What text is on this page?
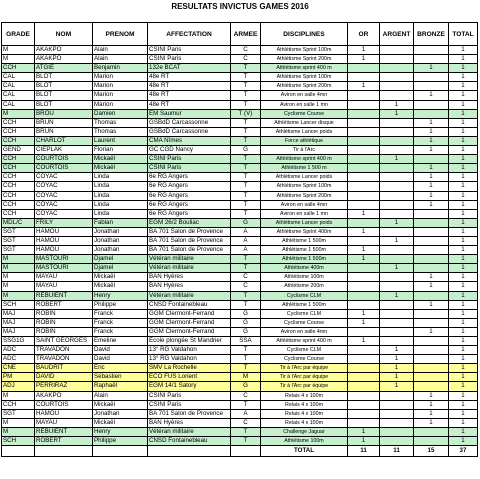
RESULTATS INVICTUS GAMES 2016
GRADE	NOM	PRENOM	AFFECTATION	ARMEE	DISCIPLINES	OR	ARGENT	BRONZE	TOTAL
M	AKAKPO	Alain	CSINI Paris	C	Athlétisme Sprint 100m	1			1
M	AKAKPO	Alain	CSINI Paris	C	Athlétisme Sprint 200m	1			1
CCH	ATGIE	Benjamin	132e BCAT	T	Athlétisme sprint 400 m			1	1
CAL	BLOT	Marion	48e RT	T	Athlétisme Sprint 100m				1
CAL	BLOT	Marion	48e RT	T	Athlétisme Sprint 200m	1			1
CAL	BLOT	Marion	48e RT	T	Aviron en salle 4mn			1	1
CAL	BLOT	Marion	48e RT	T	Aviron en salle 1 mn		1		1
M	BROU	Damien	EM Saumur	T (V)	Cyclisme Course		1		1
CCH	BRUN	Thomas	GSBdD Carcassonne	T	Athlétisme Lancer disque			1	1
CCH	BRUN	Thomas	GSBdD Carcassonne	T	Athlétisme Lancer poids			1	1
CCH	CHARLOT	Laurent	CMA Nîmes	T	Force athlétique			1	1
GEND	CIEPLAK	Florian	GC CGD Nancy	G	Tir à l'Arc			1	1
CCH	COURTOIS	Mickaël	CSINI Paris	T	Athlétisme sprint 400 m		1		1
CCH	COURTOIS	Mickaël	CSINI Paris	T	Athlétisme 1 500 m			1	1
CCH	COYAC	Linda	6e RG Angers	T	Athlétisme Lancer poids			1	1
CCH	COYAC	Linda	6e RG Angers	T	Athlétisme Sprint 100m			1	1
CCH	COYAC	Linda	6e RG Angers	T	Athlétisme Sprint 200m			1	1
CCH	COYAC	Linda	6e RG Angers	T	Aviron en salle 4mn			1	1
CCH	COYAC	Linda	6e RG Angers	T	Aviron en salle 1 mn	1			1
MDL/C	FRILY	Fabian	EGM 26/2 Bouliac	G	Athlétisme Lancer poids		1		1
SGT	HAMOU	Jonathan	BA 701 Salon de Provence	A	Athlétisme Sprint 400m	1			1
SGT	HAMOU	Jonathan	BA 701 Salon de Provence	A	Athlétisme 1 500m		1		1
SGT	HAMOU	Jonathan	BA 701 Salon de Provence	A	Athlétisme 1 500m	1			1
M	MASTOURI	Djamel	Vétéran militaire	T	Athlétisme 1 500m	1			1
M	MASTOURI	Djamel	Vétéran militaire	T	Athlétisme 400m		1		1
M	MAYAU	Mickaël	BAN Hyères	C	Athlétisme 100m			1	1
M	MAYAU	Mickaël	BAN Hyères	C	Athlétisme 200m			1	1
M	REBUIENT	Henry	Vétéran militaire	T	Cyclisme CLM		1		1
SCH	ROBERT	Philippe	CNSD Fontainebleau	T	Athlétisme 1 500m			1	1
MAJ	ROBIN	Franck	GGM Clermont-Ferrand	G	Cyclisme CLM	1			1
MAJ	ROBIN	Franck	GGM Clermont-Ferrand	G	Cyclisme Course	1			1
MAJ	ROBIN	Franck	GGM Clermont-Ferrand	G	Aviron en salle 4mn			1	1
SSG1G	SAINT GEORGES	Emeline	Ecole plongée St Mandrier	SSA	Athlétisme sprint 400 m	1			1
ADC	TRAVADON	David	13° RG Valdahon	T	Cyclisme CLM		1		1
ADC	TRAVADON	David	13° RG Valdahon	T	Cyclisme Course		1		1
CNE	BAUDRIT	Eric	SMV La Rochelle	T	Tir à l'Arc par équipe		1		1
PM	DAVID	Sébastien	ECO FUS Lorient	M	Tir à l'Arc par équipe		1		1
ADJ	PERRIRAZ	Raphaël	EGM 14/1 Satory	G	Tir à l'Arc par équipe		1		1
M	AKAKPO	Alain	CSINI Paris	C	Relais 4 x 100m			1	1
CCH	COURTOIS	Mickaël	CSINI Paris	T	Relais 4 x 100m			1	1
SGT	HAMOU	Jonathan	BA 701 Salon de Provence	A	Relais 4 x 100m			1	1
M	MAYAU	Mickaël	BAN Hyères	C	Relais 4 x 100m			1	1
M	REBUIENT	Henry	Vétéran militaire	T	Challenge Jaguar	1			1
SCH	ROBERT	Philippe	CNSD Fontainebleau	T	Athlétisme 100m	1			1
					TOTAL	11	11	15	37
